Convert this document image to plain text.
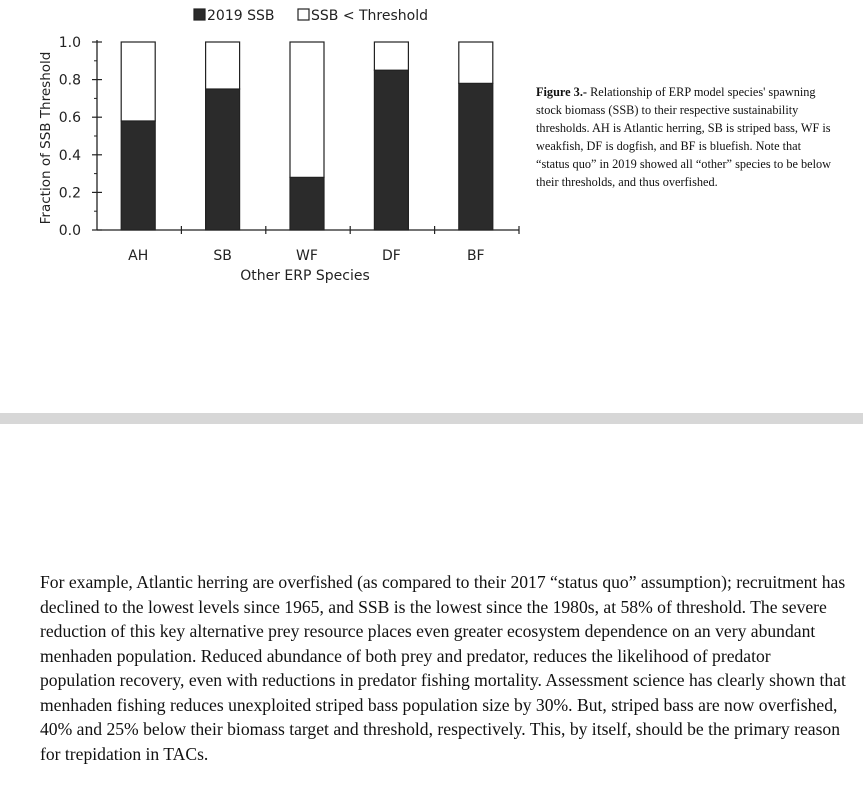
0.0
0.2
0.4
0.6
0.8
1.0
AH	SB	WF	DF	BF
Other ERP Species
Fraction of SSB Threshold
2019 SSB	SSB < Threshold
Figure 3.- Relationship of ERP model species' spawning stock biomass (SSB) to their respective sustainability thresholds. AH is Atlantic herring, SB is striped bass, WF is weakfish, DF is dogfish, and BF is bluefish. Note that “status quo” in 2019 showed all “other” species to be below their thresholds, and thus overfished.

For example, Atlantic herring are overfished (as compared to their 2017 “status quo” assumption); recruitment has declined to the lowest levels since 1965, and SSB is the lowest since the 1980s, at 58% of threshold. The severe reduction of this key alternative prey resource places even greater ecosystem dependence on an very abundant menhaden population. Reduced abundance of both prey and predator, reduces the likelihood of predator population recovery, even with reductions in predator fishing mortality. Assessment science has clearly shown that menhaden fishing reduces unexploited striped bass population size by 30%. But, striped bass are now overfished, 40% and 25% below their biomass target and threshold, respectively. This, by itself, should be the primary reason for trepidation in TACs.
